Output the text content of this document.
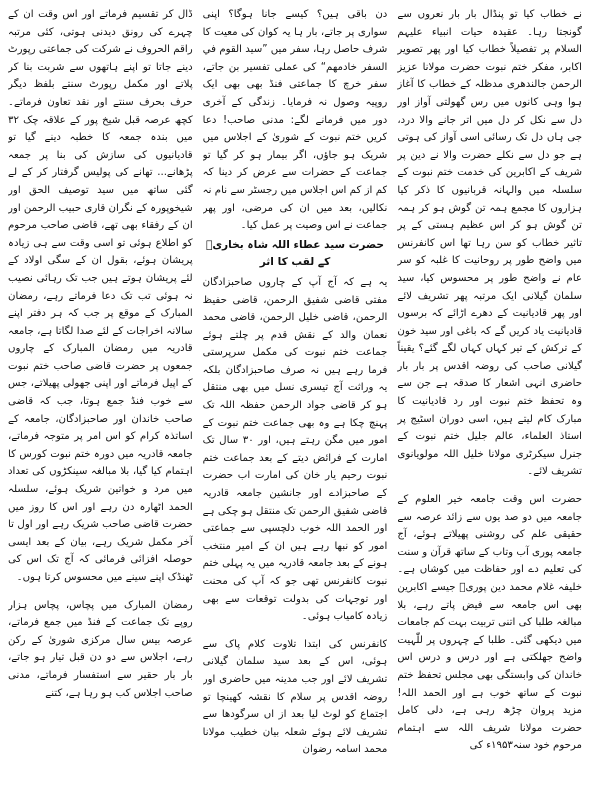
ڈال کر تقسیم فرماتے اور اس وقت ان کے چہرے کی رونق دیدنی ہوتی، کئی مرتبہ راقم الحروف نے شرکت کی جماعتی رپورٹ دینے جاتا تو اپنے ہاتھوں سے شربت بنا کر پلاتے اور مکمل رپورٹ سنتے بلفظ دیگر حرف بحرف سنتے اور نقد تعاون فرماتے۔ کچھ عرصہ قبل شیخ پور کے علاقہ چک ۳۲ میں بندہ جمعہ کا خطبہ دینے گیا تو قادیانیوں کی سازش کی بنا پر جمعہ پڑھانے... تھانے کی پولیس گرفتار کر کے لے گئی ساتھ میں سید توصیف الحق اور شیخوپورہ کے نگران قاری حبیب الرحمن اور ان کے رفقاء بھی تھے، قاضی صاحب مرحوم کو اطلاع ہوئی تو اسی وقت سے ہی زیادہ پریشان ہوئے، بقول ان کے سگی اولاد کے لئے پریشان ہوتے ہیں جب تک رہائی نصیب نہ ہوئی تب تک دعا فرماتے رہے، رمضان المبارک کے موقع پر جب کہ ہر دفتر اپنے سالانہ اخراجات کے لئے صدا لگاتا ہے، جامعہ قادریہ میں رمضان المبارک کے چاروں جمعوں پر حضرت قاضی صاحب ختم نبوت کے اپیل فرماتے اور اپنی جھولی پھیلاتے، جس سے خوب فنڈ جمع ہوتا، جب کہ قاضی صاحب خاندان اور صاحبزادگان، جامعہ کے اساتذہ کرام کو اس امر پر متوجہ فرماتے، جامعہ قادریہ میں دورہ ختم نبوت کورس کا اہتمام کیا گیا، بلا مبالغہ سینکڑوں کی تعداد میں مرد و خواتین شریک ہوئے، سلسلہ الحمد اٹھارہ دن رہے اور اس کا روز میں حضرت قاضی صاحب شریک رہے اور اول تا آخر مکمل شریک رہے، بیان کے بعد ایسی حوصلہ افزائی فرمائی کہ آج تک اس کی ٹھنڈک اپنے سینے میں محسوس کرتا ہوں۔

رمضان المبارک میں پچاس، پچاس ہزار روپے تک جماعت کے فنڈ میں جمع فرماتے، عرصہ بیس سال مرکزی شوریٰ کے رکن رہے، اجلاس سے دو دن قبل تیار ہو جاتے، بار بار حقیر سے استفسار فرماتے، مدنی صاحب اجلاس کب ہو رہا ہے، کتنے

دن باقی ہیں؟ کیسے جانا ہوگا؟ اپنی سواری پر جاتے، بار ہا یہ کوان کی معیت کا شرف حاصل رہا، سفر میں ”سید القوم في السفر خادمهم“ کی عملی تفسیر بن جاتے، سفر خرچ کا جماعتی فنڈ بھی بھی ایک روپیہ وصول نہ فرمایا۔ زندگی کے آخری دور میں فرمانے لگے: مدنی صاحب! دعا کریں ختم نبوت کے شوریٰ کے اجلاس میں شریک ہو جاؤں، اگر بیمار ہو کر گیا تو جماعت کے حضرات سے عرض کر دینا کہ کم از کم اس اجلاس میں رجسٹر سے نام نہ نکالیں، بعد میں ان کی مرضی، اور پھر جماعت نے اس وصیت پر عمل کیا۔

حضرت سید عطاء اللہ شاہ بخاریؒ کے لقب کا اثر

یہ ہے کہ آج آپ کے چاروں صاحبزادگان مفتی قاضی شفیق الرحمن، قاضی حفیظ الرحمن، قاضی خلیل الرحمن، قاضی محمد نعمان والد کے نقش قدم پر چلتے ہوئے جماعت ختم نبوت کی مکمل سرپرستی فرما رہے ہیں نہ صرف صاحبزادگان بلکہ یہ وراثت آج تیسری نسل میں بھی منتقل ہو کر قاضی جواد الرحمن حفظہ اللہ تک پہنچ چکا ہے وہ بھی جماعت ختم نبوت کے امور میں مگن رہتے ہیں، اور ۳۰ سال تک امارت کے فرائض دیتے کے بعد جماعت ختم نبوت رحیم یار خان کی امارت اب حضرت کے صاحبزادے اور جانشین جامعہ قادریہ قاضی شفیق الرحمن تک منتقل ہو چکی ہے اور الحمد اللہ خوب دلچسپی سے جماعتی امور کو نبھا رہے ہیں ان کے امیر منتخب ہونے کے بعد جامعہ قادریہ میں یہ پہلی ختم نبوت کانفرنس تھی جو کہ آپ کی محنت اور توجہات کی بدولت توقعات سے بھی زیادہ کامیاب ہوئی۔

کانفرنس کی ابتدا تلاوت کلام پاک سے ہوئی، اس کے بعد سید سلمان گیلانی تشریف لائے اور جب مدینہ میں حاضری اور روضہ اقدس پر سلام کا نقشہ کھینچا تو اجتماع کو لوٹ لیا بعد از اں سرگودھا سے تشریف لائے ہوئے شعلہ بیان خطیب مولانا محمد اسامہ رضوان

نے خطاب کیا تو پنڈال بار بار نعروں سے گونجتا رہا۔ عقیدہ حیات انبیاء علیہم السلام پر تفصیلاً خطاب کیا اور پھر تصویر اکابر، مفکر ختم نبوت حضرت مولانا عزیز الرحمن جالندھری مدظلہ کے خطاب کا آغاز ہوا وہی کانوں میں رس گھولتی آواز اور دل سے نکل کر دل میں اتر جانے والا درد، جی ہاں دل تک رسائی اسی آواز کی ہوتی ہے جو دل سے نکلے حضرت والا نے دین پر شریف کے اکابرین کی خدمت ختم نبوت کے سلسلہ میں والہانہ قربانیوں کا ذکر کیا ہزاروں کا مجمع ہمہ تن گوش ہو کر ہمہ تن گوش ہو کر اس عظیم ہستی کے پر تاثیر خطاب کو سن رہا تھا اس کانفرنس میں واضح طور پر روحانیت کا غلبہ کو سر عام نے واضح طور پر محسوس کیا، سید سلمان گیلانی ایک مرتبہ پھر تشریف لائے اور پھر قادیانیت کے دھرے اڑائے کہ برسوں قادیانیت یاد کریں گے کہ باغی اور سید خون کے ترکش کے تیر کہاں کہاں لگے گئے؟ یقیناً گیلانی صاحب کی روضہ اقدس پر بار بار حاضری انہی اشعار کا صدقہ ہے جن سے وہ تحفظ ختم نبوت اور رد قادیانیت کا مبارک کام لیتے ہیں، اسی دوران اسٹیج پر استاذ العلماء، عالم جلیل ختم نبوت کے جنرل سیکرٹری مولانا خلیل اللہ مولویانوی تشریف لائے۔

حضرت اس وقت جامعہ خیر العلوم کے جامعہ میں دو صد یوں سے زائد عرصہ سے حقیقی علم کی روشنی پھیلاتے ہوئے، آج جامعہ پوری آب وتاب کے ساتھ قرآن و سنت کی تعلیم دے اور حفاظت میں کوشاں ہے۔ خلیفہ غلام محمد دین پوریؒ جیسے اکابرین بھی اس جامعہ سے فیض پاتے رہے، بلا مبالغہ طلبا کی اتنی تربیت بہت کم جامعات میں دیکھی گئی۔ طلبا کے چہروں پر للّٰہیت واضح جھلکتی ہے اور درس و درس اس خاندان کی وابستگی بھی مجلس تحفظ ختم نبوت کے ساتھ خوب ہے اور الحمد اللہ! مزید پروان چڑھ رہی ہے، دلی کامل حضرت مولانا شریف اللہ سے اہتمام مرحوم خود سنہ۱۹۵۳ء کی
